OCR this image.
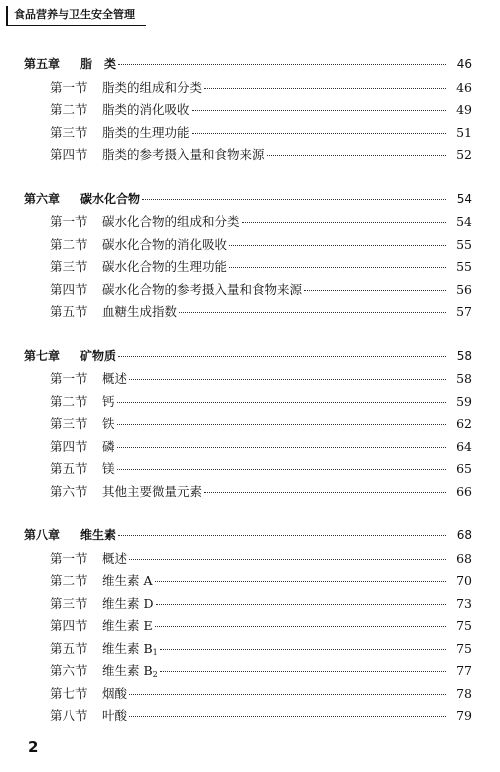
食品营养与卫生安全管理
第五章	脂　类	46
第一节	脂类的组成和分类	46
第二节	脂类的消化吸收	49
第三节	脂类的生理功能	51
第四节	脂类的参考摄入量和食物来源	52
第六章	碳水化合物	54
第一节	碳水化合物的组成和分类	54
第二节	碳水化合物的消化吸收	55
第三节	碳水化合物的生理功能	55
第四节	碳水化合物的参考摄入量和食物来源	56
第五节	血糖生成指数	57
第七章	矿物质	58
第一节	概述	58
第二节	钙	59
第三节	铁	62
第四节	磷	64
第五节	镁	65
第六节	其他主要微量元素	66
第八章	维生素	68
第一节	概述	68
第二节	维生素 A	70
第三节	维生素 D	73
第四节	维生素 E	75
第五节	维生素 $B_1$	75
第六节	维生素 $B_2$	77
第七节	烟酸	78
第八节	叶酸	79
2
